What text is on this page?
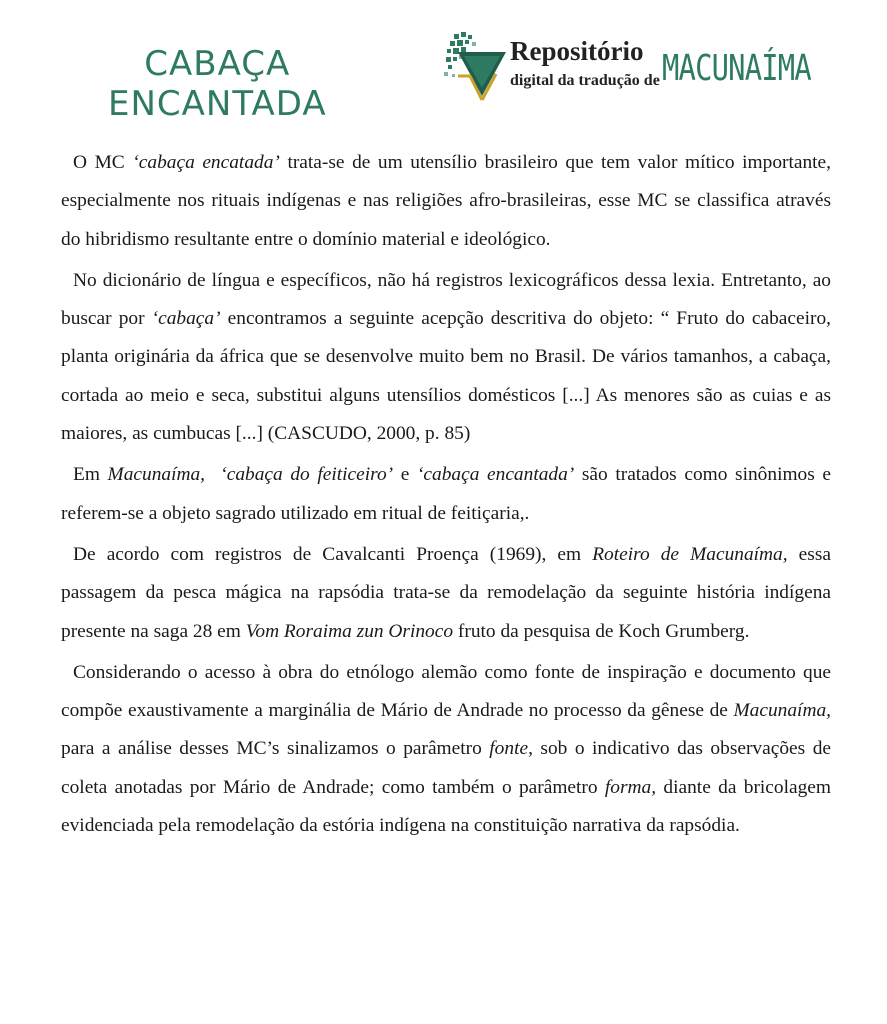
CABAÇA
ENCANTADA
Repositório
digital da tradução de MACUNAÍMA

O MC ‘cabaça encatada’ trata-se de um utensílio brasileiro que tem valor mítico importante, especialmente nos rituais indígenas e nas religiões afro-brasileiras, esse MC se classifica através do hibridismo resultante entre o domínio material e ideológico.

No dicionário de língua e específicos, não há registros lexicográficos dessa lexia. Entretanto, ao buscar por ‘cabaça’ encontramos a seguinte acepção descritiva do objeto: “ Fruto do cabaceiro, planta originária da áfrica que se desenvolve muito bem no Brasil. De vários tamanhos, a cabaça, cortada ao meio e seca, substitui alguns utensílios domésticos [...] As menores são as cuias e as maiores, as cumbucas [...] (CASCUDO, 2000, p. 85)

Em Macunaíma, ‘cabaça do feiticeiro’ e ‘cabaça encantada’ são tratados como sinônimos e referem-se a objeto sagrado utilizado em ritual de feitiçaria,.

De acordo com registros de Cavalcanti Proença (1969), em Roteiro de Macunaíma, essa passagem da pesca mágica na rapsódia trata-se da remodelação da seguinte história indígena presente na saga 28 em Vom Roraima zun Orinoco fruto da pesquisa de Koch Grumberg.

Considerando o acesso à obra do etnólogo alemão como fonte de inspiração e documento que compõe exaustivamente a marginália de Mário de Andrade no processo da gênese de Macunaíma, para a análise desses MC’s sinalizamos o parâmetro fonte, sob o indicativo das observações de coleta anotadas por Mário de Andrade; como também o parâmetro forma, diante da bricolagem evidenciada pela remodelação da estória indígena na constituição narrativa da rapsódia.
